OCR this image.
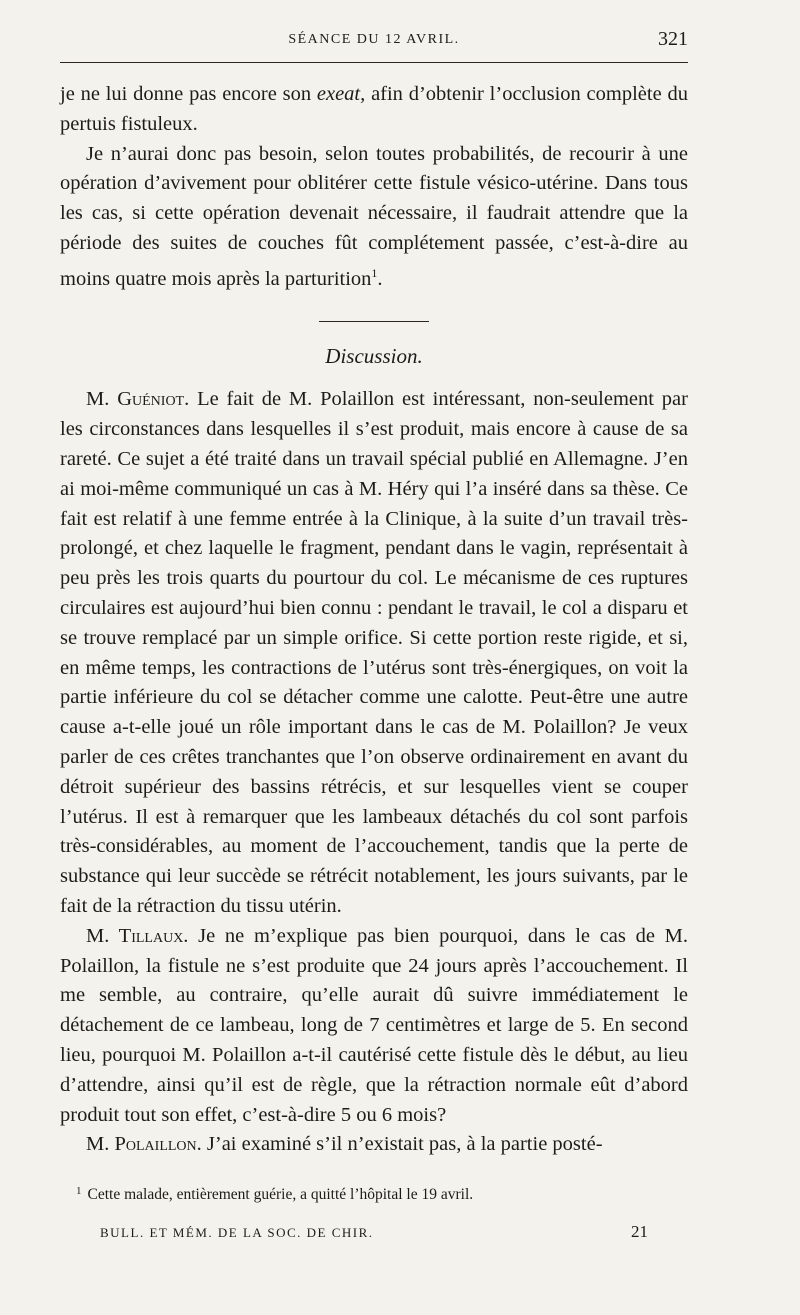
SÉANCE DU 12 AVRIL.	321

je ne lui donne pas encore son exeat, afin d’obtenir l’occlusion complète du pertuis fistuleux.

Je n’aurai donc pas besoin, selon toutes probabilités, de recourir à une opération d’avivement pour oblitérer cette fistule vésico-utérine. Dans tous les cas, si cette opération devenait nécessaire, il faudrait attendre que la période des suites de couches fût complétement passée, c’est-à-dire au moins quatre mois après la parturition$^1$.

Discussion.

M. Guéniot. Le fait de M. Polaillon est intéressant, non-seulement par les circonstances dans lesquelles il s’est produit, mais encore à cause de sa rareté. Ce sujet a été traité dans un travail spécial publié en Allemagne. J’en ai moi-même communiqué un cas à M. Héry qui l’a inséré dans sa thèse. Ce fait est relatif à une femme entrée à la Clinique, à la suite d’un travail très-prolongé, et chez laquelle le fragment, pendant dans le vagin, représentait à peu près les trois quarts du pourtour du col. Le mécanisme de ces ruptures circulaires est aujourd’hui bien connu : pendant le travail, le col a disparu et se trouve remplacé par un simple orifice. Si cette portion reste rigide, et si, en même temps, les contractions de l’utérus sont très-énergiques, on voit la partie inférieure du col se détacher comme une calotte. Peut-être une autre cause a-t-elle joué un rôle important dans le cas de M. Polaillon? Je veux parler de ces crêtes tranchantes que l’on observe ordinairement en avant du détroit supérieur des bassins rétrécis, et sur lesquelles vient se couper l’utérus. Il est à remarquer que les lambeaux détachés du col sont parfois très-considérables, au moment de l’accouchement, tandis que la perte de substance qui leur succède se rétrécit notablement, les jours suivants, par le fait de la rétraction du tissu utérin.

M. Tillaux. Je ne m’explique pas bien pourquoi, dans le cas de M. Polaillon, la fistule ne s’est produite que 24 jours après l’accouchement. Il me semble, au contraire, qu’elle aurait dû suivre immédiatement le détachement de ce lambeau, long de 7 centimètres et large de 5. En second lieu, pourquoi M. Polaillon a-t-il cautérisé cette fistule dès le début, au lieu d’attendre, ainsi qu’il est de règle, que la rétraction normale eût d’abord produit tout son effet, c’est-à-dire 5 ou 6 mois?

M. Polaillon. J’ai examiné s’il n’existait pas, à la partie posté-

$^1$ Cette malade, entièrement guérie, a quitté l’hôpital le 19 avril.
BULL. ET MÉM. DE LA SOC. DE CHIR.	21
